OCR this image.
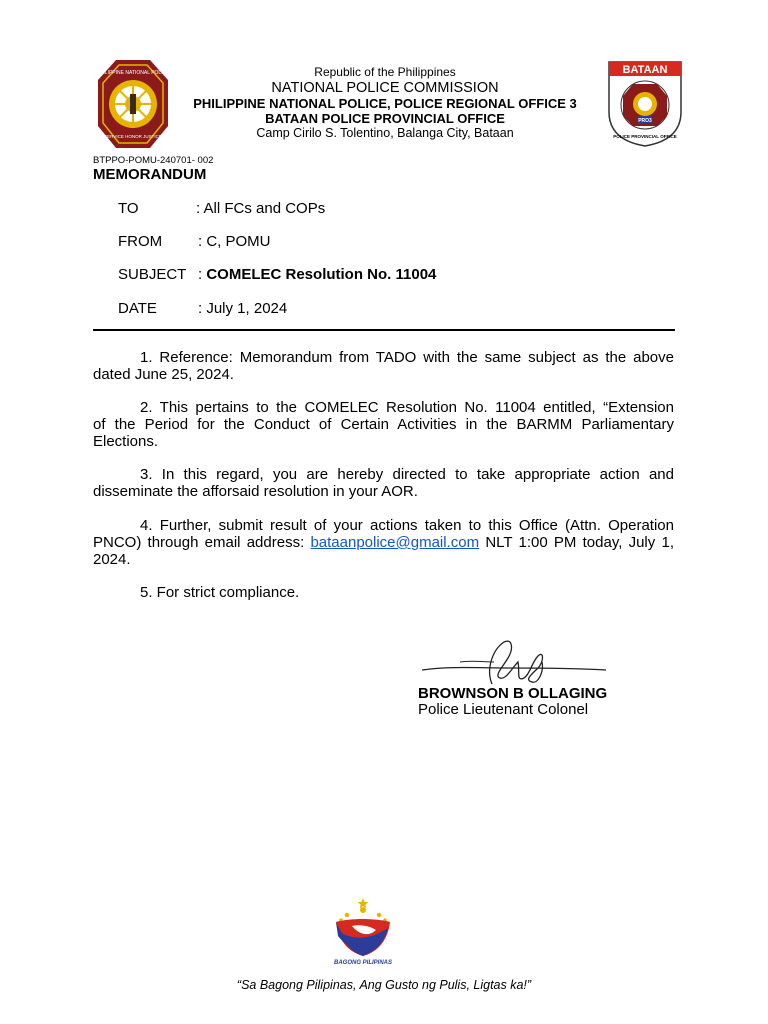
PHILIPPINE NATIONAL POLICE
SERVICE HONOR JUSTICE
BATAAN
PRO3
POLICE PROVINCIAL OFFICE
Republic of the Philippines
NATIONAL POLICE COMMISSION
PHILIPPINE NATIONAL POLICE, POLICE REGIONAL OFFICE 3
BATAAN POLICE PROVINCIAL OFFICE
Camp Cirilo S. Tolentino, Balanga City, Bataan
BTPPO-POMU-240701- 002
MEMORANDUM
TO	: All FCs and COPs
FROM : C, POMU
SUBJECT : COMELEC Resolution No. 11004
DATE	: July 1, 2024
1. Reference: Memorandum from TADO with the same subject as the above
dated June 25, 2024.
2. This pertains to the COMELEC Resolution No. 11004 entitled, “Extension
of the Period for the Conduct of Certain Activities in the BARMM Parliamentary
Elections.
3. In this regard, you are hereby directed to take appropriate action and
disseminate the afforsaid resolution in your AOR.
4. Further, submit result of your actions taken to this Office (Attn. Operation
PNCO) through email address: bataanpolice@gmail.com NLT 1:00 PM today, July 1,
2024.
5. For strict compliance.
BROWNSON B OLLAGING
Police Lieutenant Colonel
BAGONG PILIPINAS
“Sa Bagong Pilipinas, Ang Gusto ng Pulis, Ligtas ka!”
